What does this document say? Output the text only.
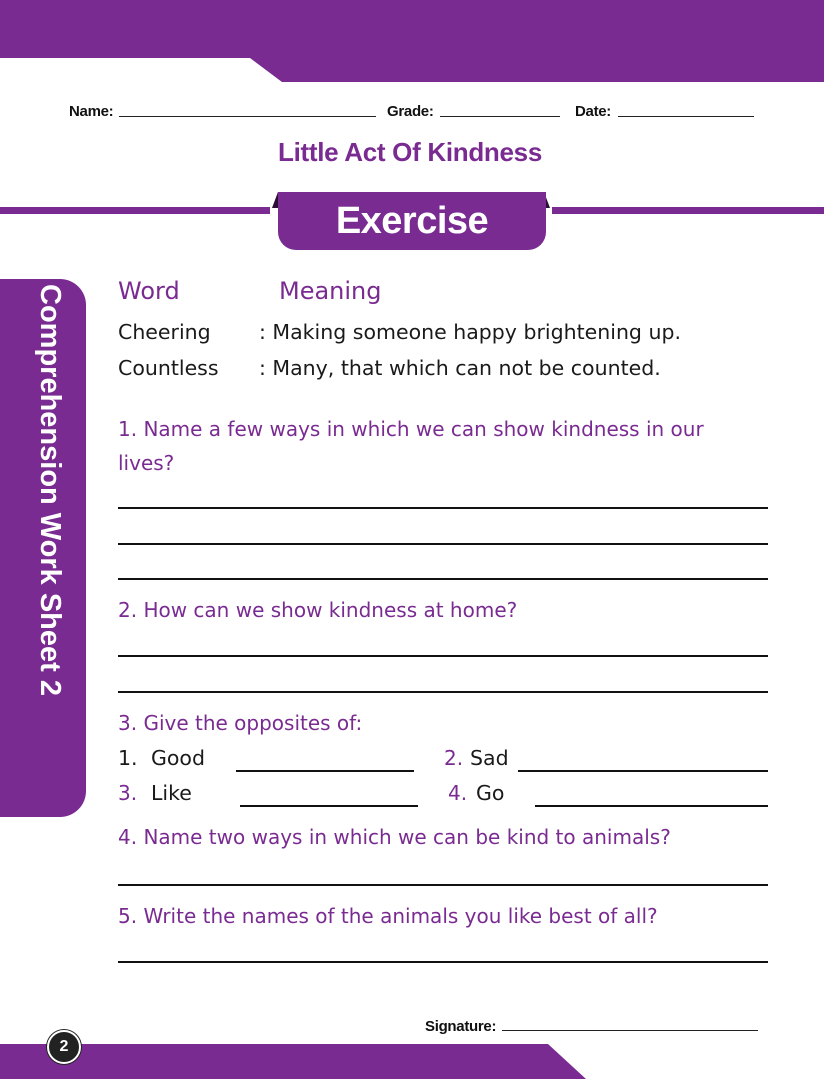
Name:	Grade:	Date:
Little Act Of Kindness
Exercise
Comprehension Work Sheet 2 Word	Meaning
Cheering : Making someone happy brightening up.
Countless : Many, that which can not be counted.
1. Name a few ways in which we can show kindness in our
lives?
2. How can we show kindness at home?
3. Give the opposites of:
1. Good	2. Sad
3. Like	4. Go
4. Name two ways in which we can be kind to animals?
5. Write the names of the animals you like best of all?
Signature:
2
